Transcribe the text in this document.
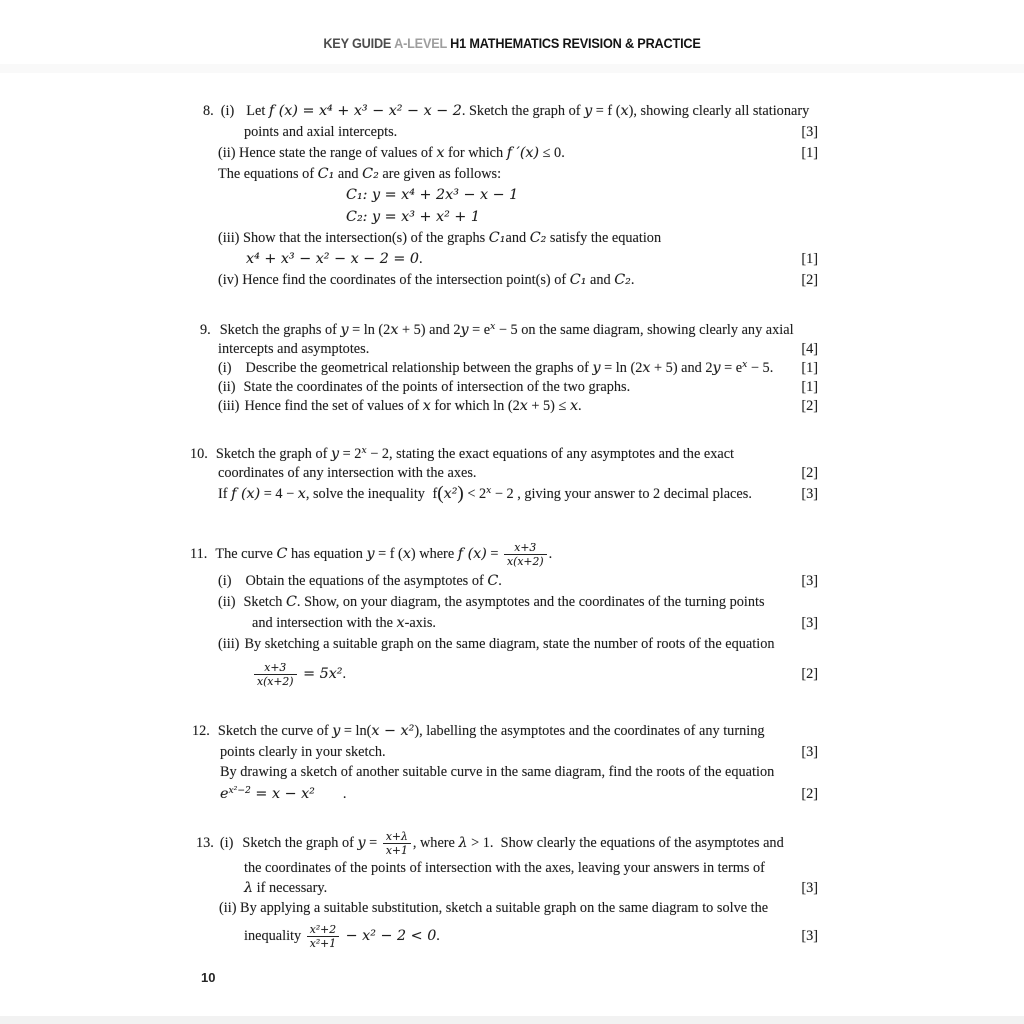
KEY GUIDE A-LEVEL H1 MATHEMATICS REVISION & PRACTICE
8. (i) Let f (x) = x⁴ + x³ − x² − x − 2. Sketch the graph of y = f (x), showing clearly all stationary
points and axial intercepts.	[3]
(ii) Hence state the range of values of x for which f ′(x) ≤ 0.	[1]
The equations of C₁ and C₂ are given as follows:
C₁: y = x⁴ + 2x³ − x − 1
C₂: y = x³ + x² + 1
(iii) Show that the intersection(s) of the graphs C₁and C₂ satisfy the equation
x⁴ + x³ − x² − x − 2 = 0.	[1]
(iv) Hence find the coordinates of the intersection point(s) of C₁ and C₂.	[2]
9. Sketch the graphs of y = ln (2x + 5) and $2y = e^x - 5$ on the same diagram, showing clearly any axial
intercepts and asymptotes.	[4]
(i) Describe the geometrical relationship between the graphs of y = ln (2x + 5) and $2y = e^x - 5$. [1]
(ii) State the coordinates of the points of intersection of the two graphs.	[1]
(iii) Hence find the set of values of x for which ln (2x + 5) ≤ x.	[2]
10. Sketch the graph of $y = 2^x - 2$, stating the exact equations of any asymptotes and the exact
coordinates of any intersection with the axes.	[2]
If f (x) = 4 − x, solve the inequality $f(x^2) < 2^x - 2$ , giving your answer to 2 decimal places.	[3]
11. The curve C has equation y = f (x) where f $(x) = \frac{x+3}{x(x+2)}$ .
(i) Obtain the equations of the asymptotes of C.	[3]
(ii) Sketch C. Show, on your diagram, the asymptotes and the coordinates of the turning points
and intersection with the x-axis.	[3]
(iii) By sketching a suitable graph on the same diagram, state the number of roots of the equation
$\frac{x+3}{x(x+2)} = 5x^2$.	[2]
12. Sketch the curve of y = ln(x − x²), labelling the asymptotes and the coordinates of any turning
points clearly in your sketch.	[3]
By drawing a sketch of another suitable curve in the same diagram, find the roots of the equation
$e^{x^2-2} = x - x^2$ .	[2]
13. (i) Sketch the graph of $y = \frac{x+\lambda}{x+1}$ , where λ > 1.  Show clearly the equations of the asymptotes and
the coordinates of the points of intersection with the axes, leaving your answers in terms of
λ if necessary.	[3]
(ii) By applying a suitable substitution, sketch a suitable graph on the same diagram to solve the
inequality $\frac{\text{x²+2}}{\text{x²+1}} - x^2 - 2 < 0$.	[3]
10
